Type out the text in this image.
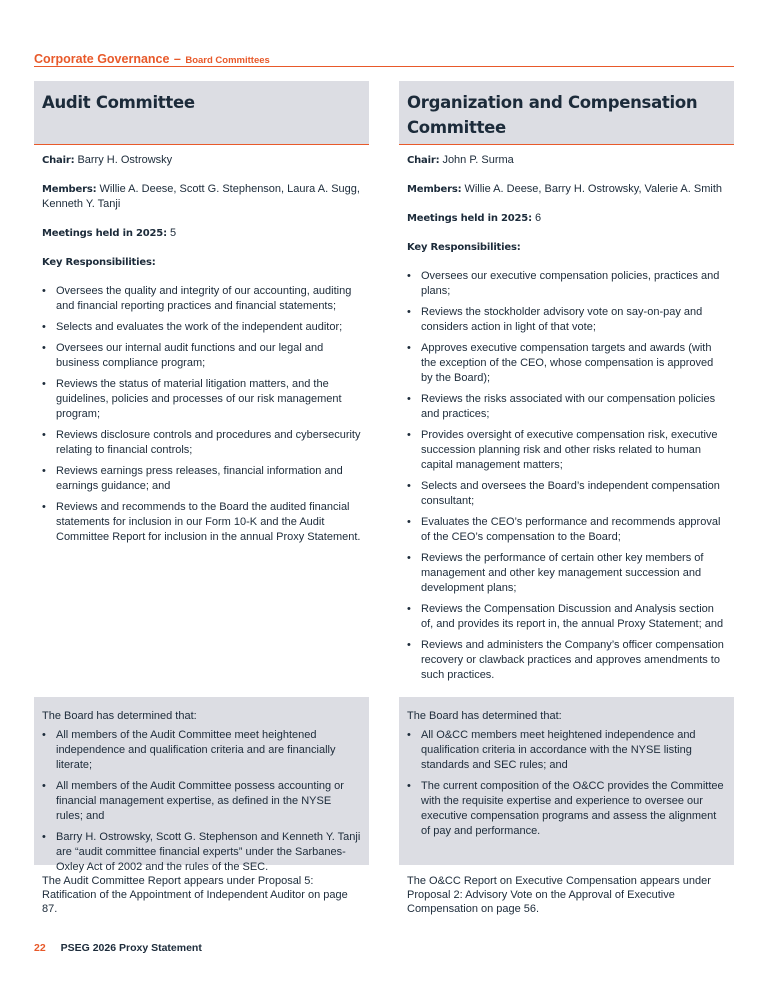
Corporate Governance – Board Committees
Audit Committee

Chair: Barry H. Ostrowsky

Members: Willie A. Deese, Scott G. Stephenson, Laura A. Sugg, Kenneth Y. Tanji

Meetings held in 2025: 5

Key Responsibilities:

• Oversees the quality and integrity of our accounting, auditing and financial reporting practices and financial statements;
• Selects and evaluates the work of the independent auditor;
• Oversees our internal audit functions and our legal and business compliance program;
• Reviews the status of material litigation matters, and the guidelines, policies and processes of our risk management program;
• Reviews disclosure controls and procedures and cybersecurity relating to financial controls;
• Reviews earnings press releases, financial information and earnings guidance; and
• Reviews and recommends to the Board the audited financial statements for inclusion in our Form 10-K and the Audit Committee Report for inclusion in the annual Proxy Statement.
The Board has determined that:
• All members of the Audit Committee meet heightened independence and qualification criteria and are financially literate;
• All members of the Audit Committee possess accounting or financial management expertise, as defined in the NYSE rules; and
• Barry H. Ostrowsky, Scott G. Stephenson and Kenneth Y. Tanji are “audit committee financial experts” under the Sarbanes-Oxley Act of 2002 and the rules of the SEC.
The Audit Committee Report appears under Proposal 5: Ratification of the Appointment of Independent Auditor on page 87.
Organization and Compensation Committee

Chair: John P. Surma

Members: Willie A. Deese, Barry H. Ostrowsky, Valerie A. Smith

Meetings held in 2025: 6

Key Responsibilities:

• Oversees our executive compensation policies, practices and plans;
• Reviews the stockholder advisory vote on say-on-pay and considers action in light of that vote;
• Approves executive compensation targets and awards (with the exception of the CEO, whose compensation is approved by the Board);
• Reviews the risks associated with our compensation policies and practices;
• Provides oversight of executive compensation risk, executive succession planning risk and other risks related to human capital management matters;
• Selects and oversees the Board’s independent compensation consultant;
• Evaluates the CEO’s performance and recommends approval of the CEO’s compensation to the Board;
• Reviews the performance of certain other key members of management and other key management succession and development plans;
• Reviews the Compensation Discussion and Analysis section of, and provides its report in, the annual Proxy Statement; and
• Reviews and administers the Company’s officer compensation recovery or clawback practices and approves amendments to such practices.
The Board has determined that:
• All O&CC members meet heightened independence and qualification criteria in accordance with the NYSE listing standards and SEC rules; and
• The current composition of the O&CC provides the Committee with the requisite expertise and experience to oversee our executive compensation programs and assess the alignment of pay and performance.
The O&CC Report on Executive Compensation appears under Proposal 2: Advisory Vote on the Approval of Executive Compensation on page 56.
22 PSEG 2026 Proxy Statement
